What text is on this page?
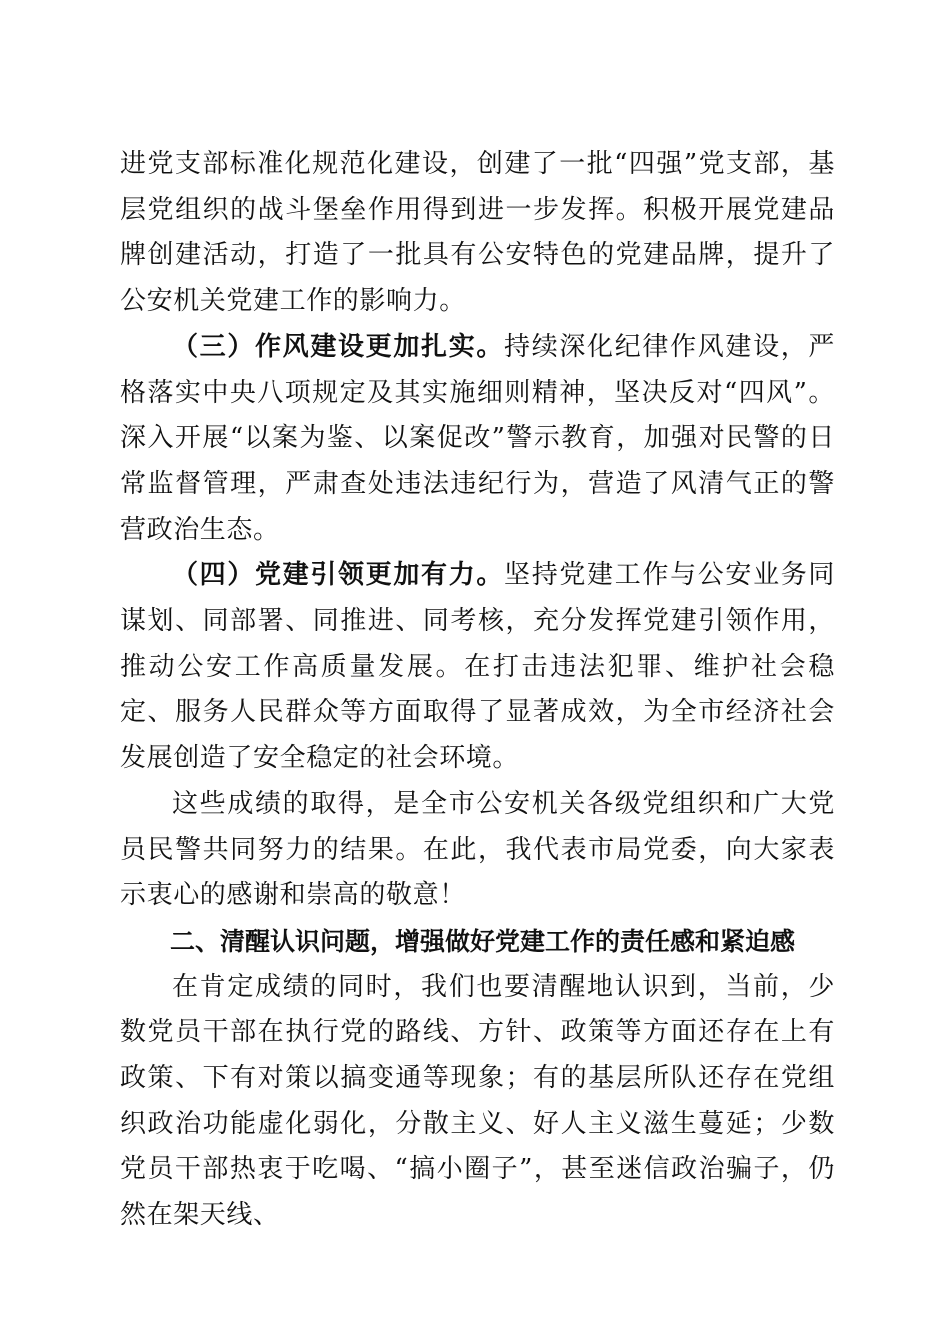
进党支部标准化规范化建设，创建了一批“四强”党支部，基层党组织的战斗堡垒作用得到进一步发挥。积极开展党建品牌创建活动，打造了一批具有公安特色的党建品牌，提升了公安机关党建工作的影响力。

（三）作风建设更加扎实。持续深化纪律作风建设，严格落实中央八项规定及其实施细则精神，坚决反对“四风”。深入开展“以案为鉴、以案促改”警示教育，加强对民警的日常监督管理，严肃查处违法违纪行为，营造了风清气正的警营政治生态。

（四）党建引领更加有力。坚持党建工作与公安业务同谋划、同部署、同推进、同考核，充分发挥党建引领作用，推动公安工作高质量发展。在打击违法犯罪、维护社会稳定、服务人民群众等方面取得了显著成效，为全市经济社会发展创造了安全稳定的社会环境。

这些成绩的取得，是全市公安机关各级党组织和广大党员民警共同努力的结果。在此，我代表市局党委，向大家表示衷心的感谢和崇高的敬意！

二、清醒认识问题，增强做好党建工作的责任感和紧迫感

在肯定成绩的同时，我们也要清醒地认识到，当前，少数党员干部在执行党的路线、方针、政策等方面还存在上有政策、下有对策以搞变通等现象；有的基层所队还存在党组织政治功能虚化弱化，分散主义、好人主义滋生蔓延；少数党员干部热衷于吃喝、“搞小圈子”，甚至迷信政治骗子，仍然在架天线、
